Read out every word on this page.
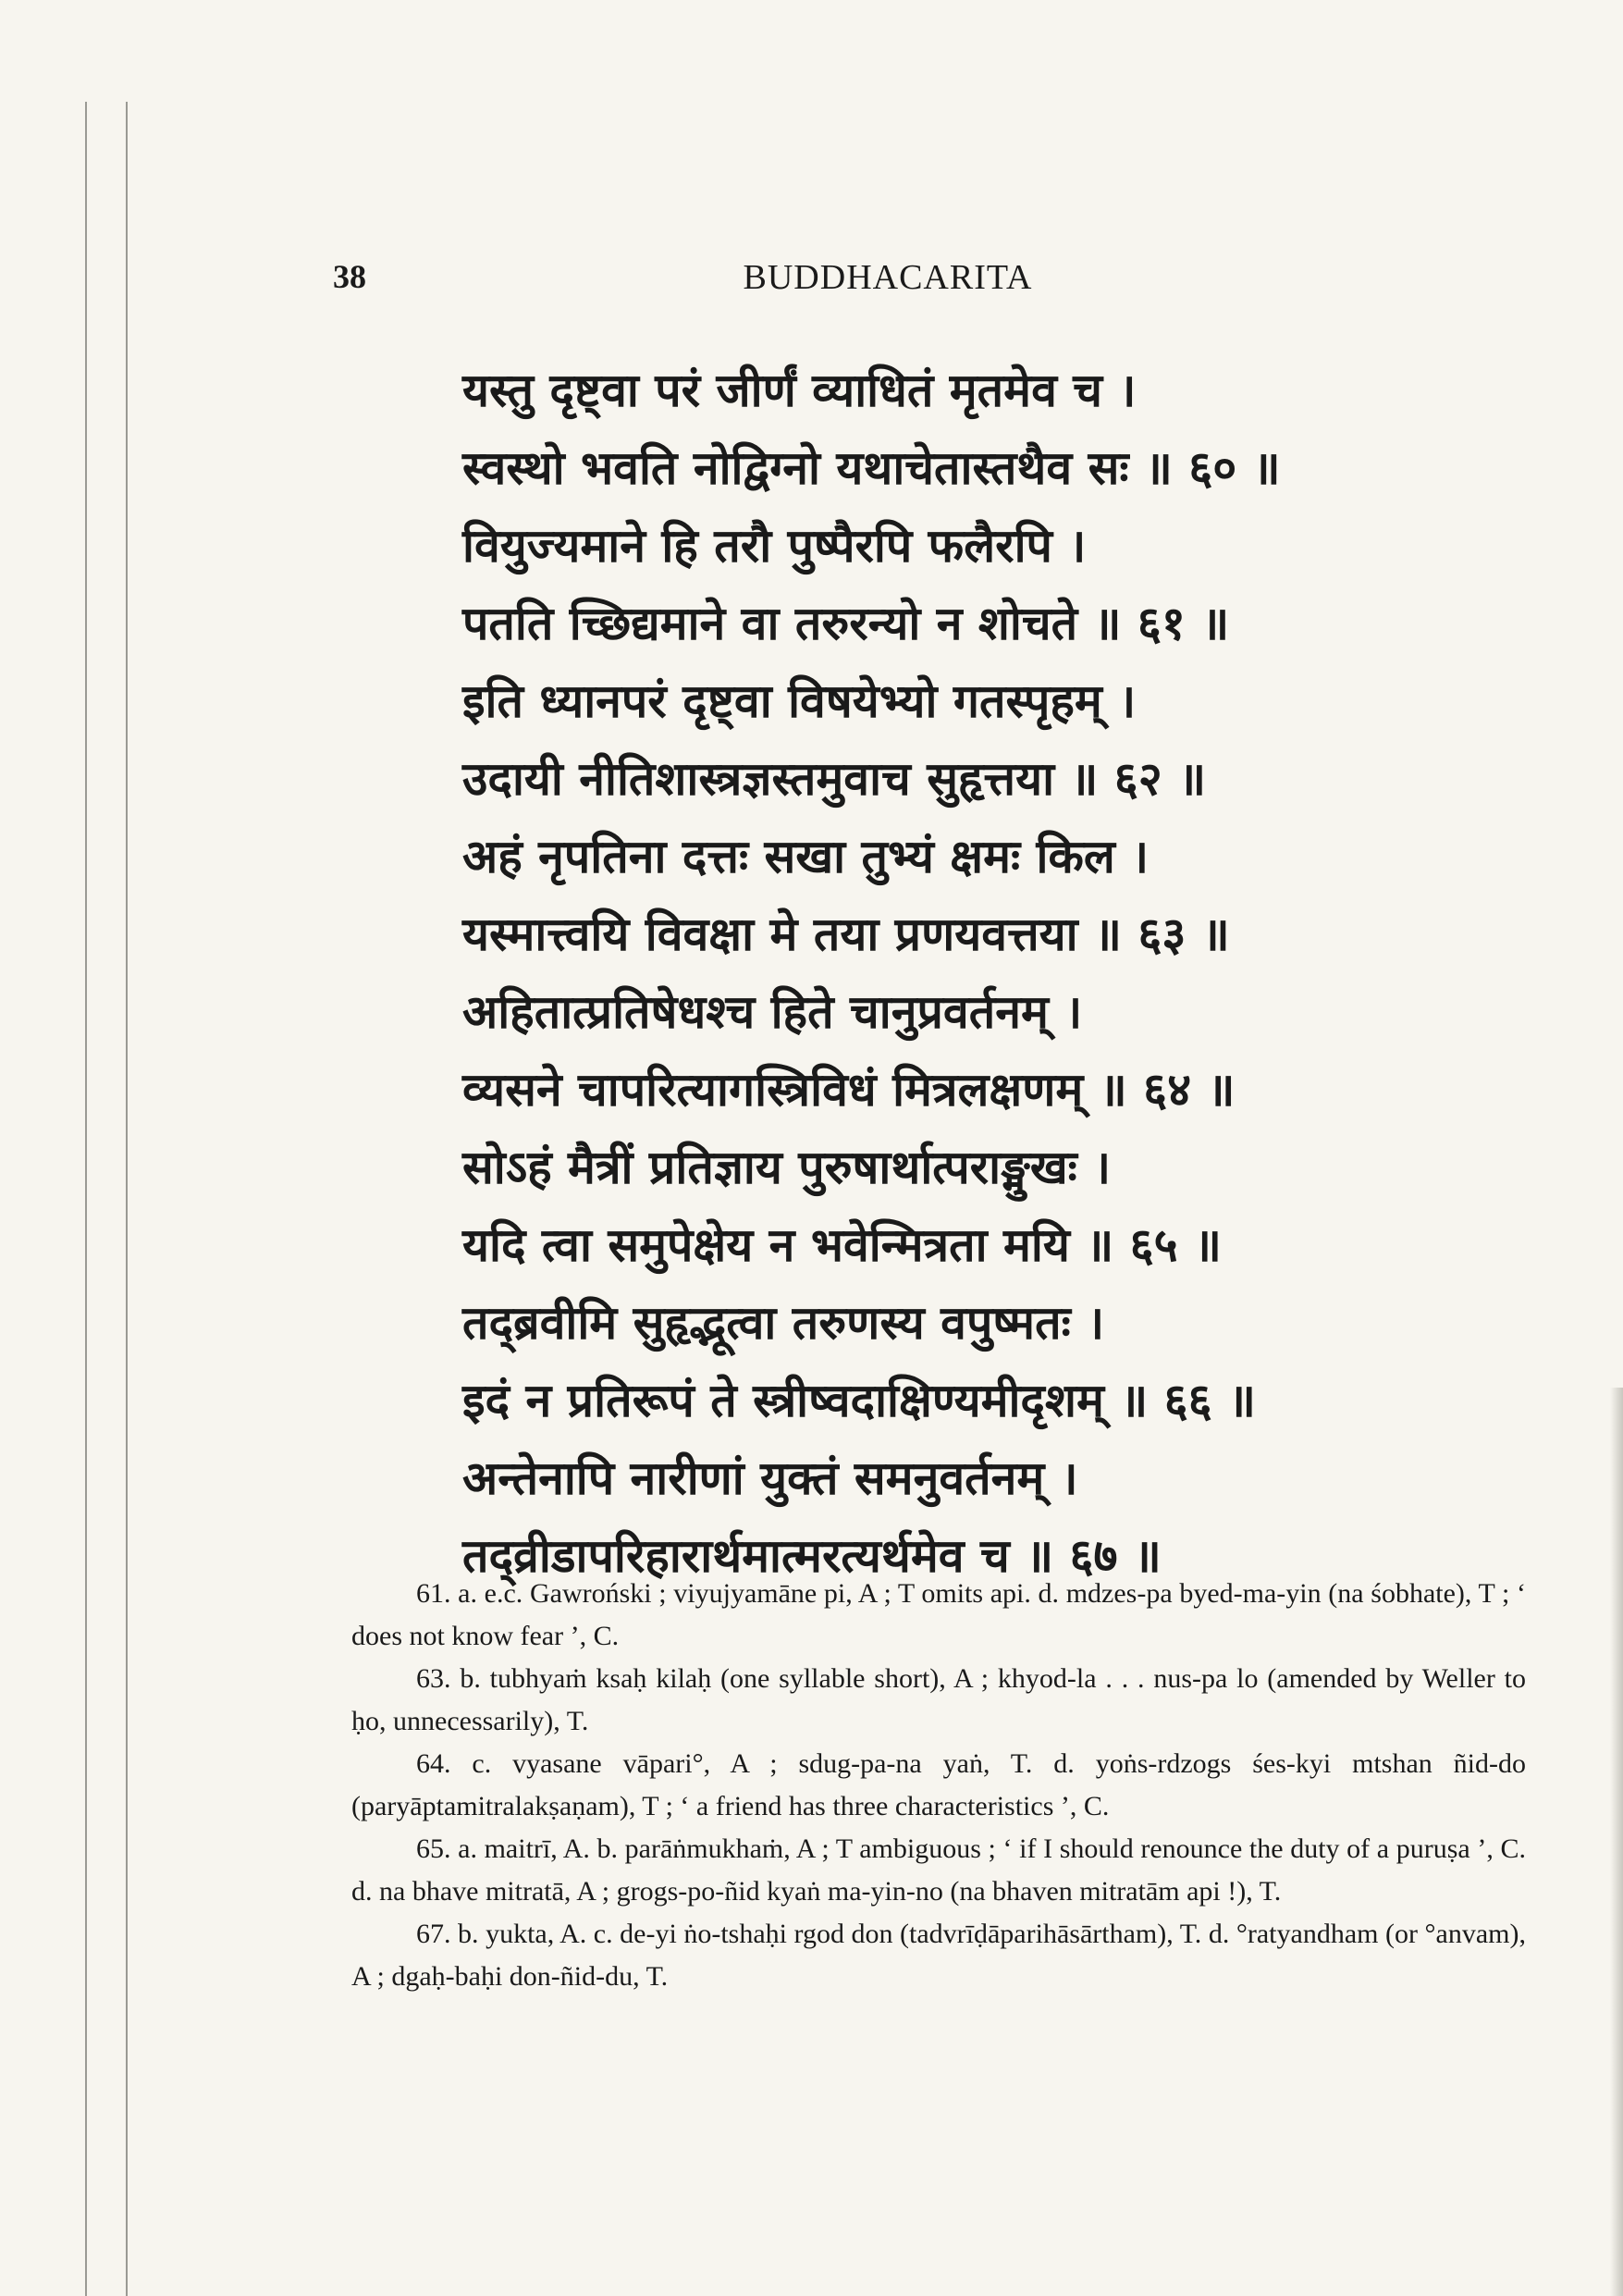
38	BUDDHACARITA
यस्तु दृष्ट्वा परं जीर्णं व्याधितं मृतमेव च ।
स्वस्थो भवति नोद्विग्नो यथाचेतास्तथैव सः ॥ ६० ॥
वियुज्यमाने हि तरौ पुष्पैरपि फलैरपि ।
पतति च्छिद्यमाने वा तरुरन्यो न शोचते ॥ ६१ ॥
इति ध्यानपरं दृष्ट्वा विषयेभ्यो गतस्पृहम् ।
उदायी नीतिशास्त्रज्ञस्तमुवाच सुहृत्तया ॥ ६२ ॥
अहं नृपतिना दत्तः सखा तुभ्यं क्षमः किल ।
यस्मात्त्वयि विवक्षा मे तया प्रणयवत्तया ॥ ६३ ॥
अहितात्प्रतिषेधश्च हिते चानुप्रवर्तनम् ।
व्यसने चापरित्यागस्त्रिविधं मित्रलक्षणम् ॥ ६४ ॥
सोऽहं मैत्रीं प्रतिज्ञाय पुरुषार्थात्पराङ्मुखः ।
यदि त्वा समुपेक्षेय न भवेन्मित्रता मयि ॥ ६५ ॥
तद्ब्रवीमि सुहृद्भूत्वा तरुणस्य वपुष्मतः ।
इदं न प्रतिरूपं ते स्त्रीष्वदाक्षिण्यमीदृशम् ॥ ६६ ॥
अन्तेनापि नारीणां युक्तं समनुवर्तनम् ।
तद्व्रीडापरिहारार्थमात्मरत्यर्थमेव च ॥ ६७ ॥

61. a. e.c. Gawroński ; viyujyamāne pi, A ; T omits api. d. mdzes-pa byed-ma-yin (na śobhate), T ; ‘ does not know fear ’, C.

63. b. tubhyaṁ ksaḥ kilaḥ (one syllable short), A ; khyod-la . . . nus-pa lo (amended by Weller to ḥo, unnecessarily), T.

64. c. vyasane vāpari°, A ; sdug-pa-na yaṅ, T. d. yoṅs-rdzogs śes-kyi mtshan ñid-do (paryāptamitralakṣaṇam), T ; ‘ a friend has three characteristics ’, C.

65. a. maitrī, A. b. parāṅmukhaṁ, A ; T ambiguous ; ‘ if I should renounce the duty of a puruṣa ’, C. d. na bhave mitratā, A ; grogs-po-ñid kyaṅ ma-yin-no (na bhaven mitratām api !), T.

67. b. yukta, A. c. de-yi ṅo-tshaḥi rgod don (tadvrīḍāparihāsārtham), T. d. °ratyandham (or °anvam), A ; dgaḥ-baḥi don-ñid-du, T.
